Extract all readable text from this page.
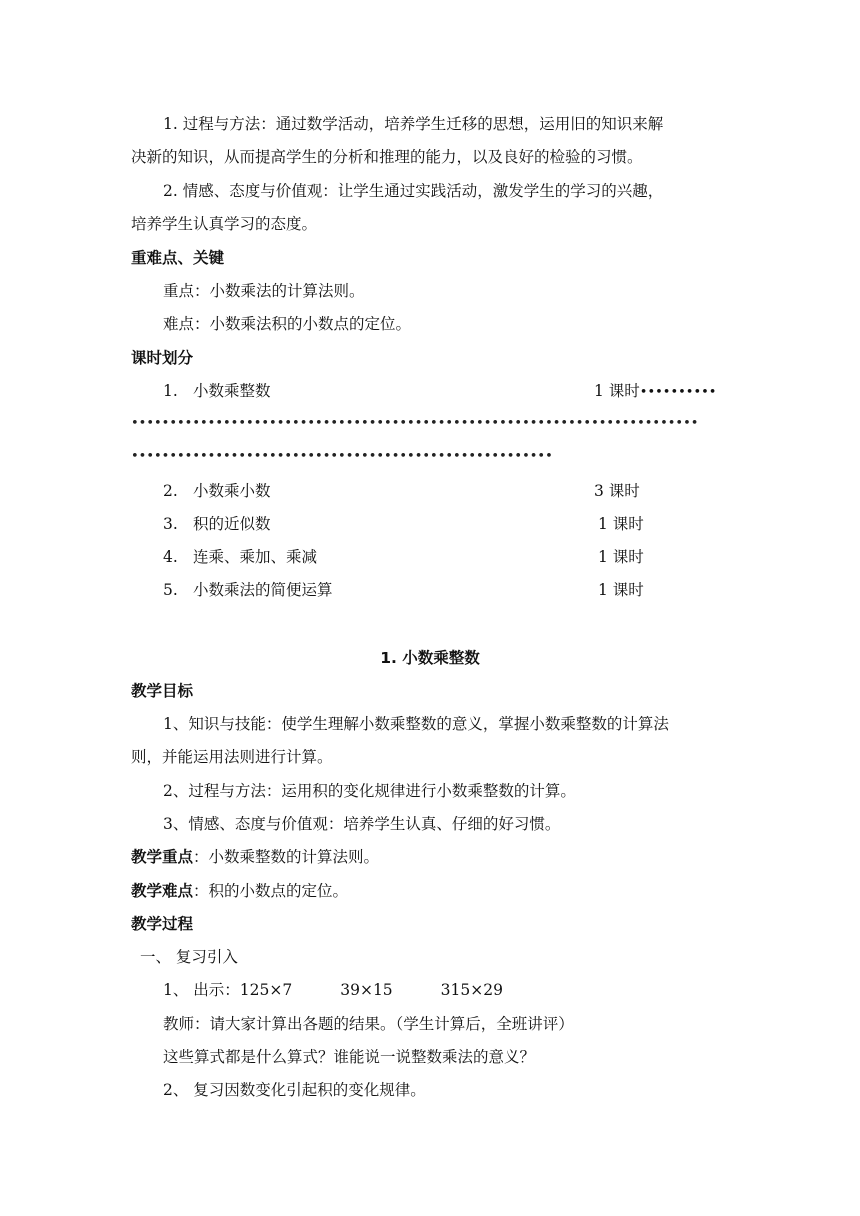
1. 过程与方法：通过数学活动，培养学生迁移的思想，运用旧的知识来解
决新的知识，从而提高学生的分析和推理的能力，以及良好的检验的习惯。
2. 情感、态度与价值观：让学生通过实践活动，激发学生的学习的兴趣，
培养学生认真学习的态度。
重难点、关键
重点：小数乘法的计算法则。
难点：小数乘法积的小数点的定位。
课时划分
1. 小数乘整数	1 课时••••••••••
••••••••••••••••••••••••••••••••••••••••••••••••••••••••••••••••••••••••••
•••••••••••••••••••••••••••••••••••••••••••••••••••••••
2. 小数乘小数	3 课时
3. 积的近似数	1 课时
4. 连乘、乘加、乘减	1 课时
5. 小数乘法的简便运算	1 课时
1. 小数乘整数
教学目标
1、知识与技能：使学生理解小数乘整数的意义，掌握小数乘整数的计算法
则，并能运用法则进行计算。
2、过程与方法：运用积的变化规律进行小数乘整数的计算。
3、情感、态度与价值观：培养学生认真、仔细的好习惯。
教学重点：小数乘整数的计算法则。
教学难点：积的小数点的定位。
教学过程
一、 复习引入
1、 出示：125×7	39×15	315×29
教师：请大家计算出各题的结果。（学生计算后，全班讲评）
这些算式都是什么算式？谁能说一说整数乘法的意义？
2、 复习因数变化引起积的变化规律。
